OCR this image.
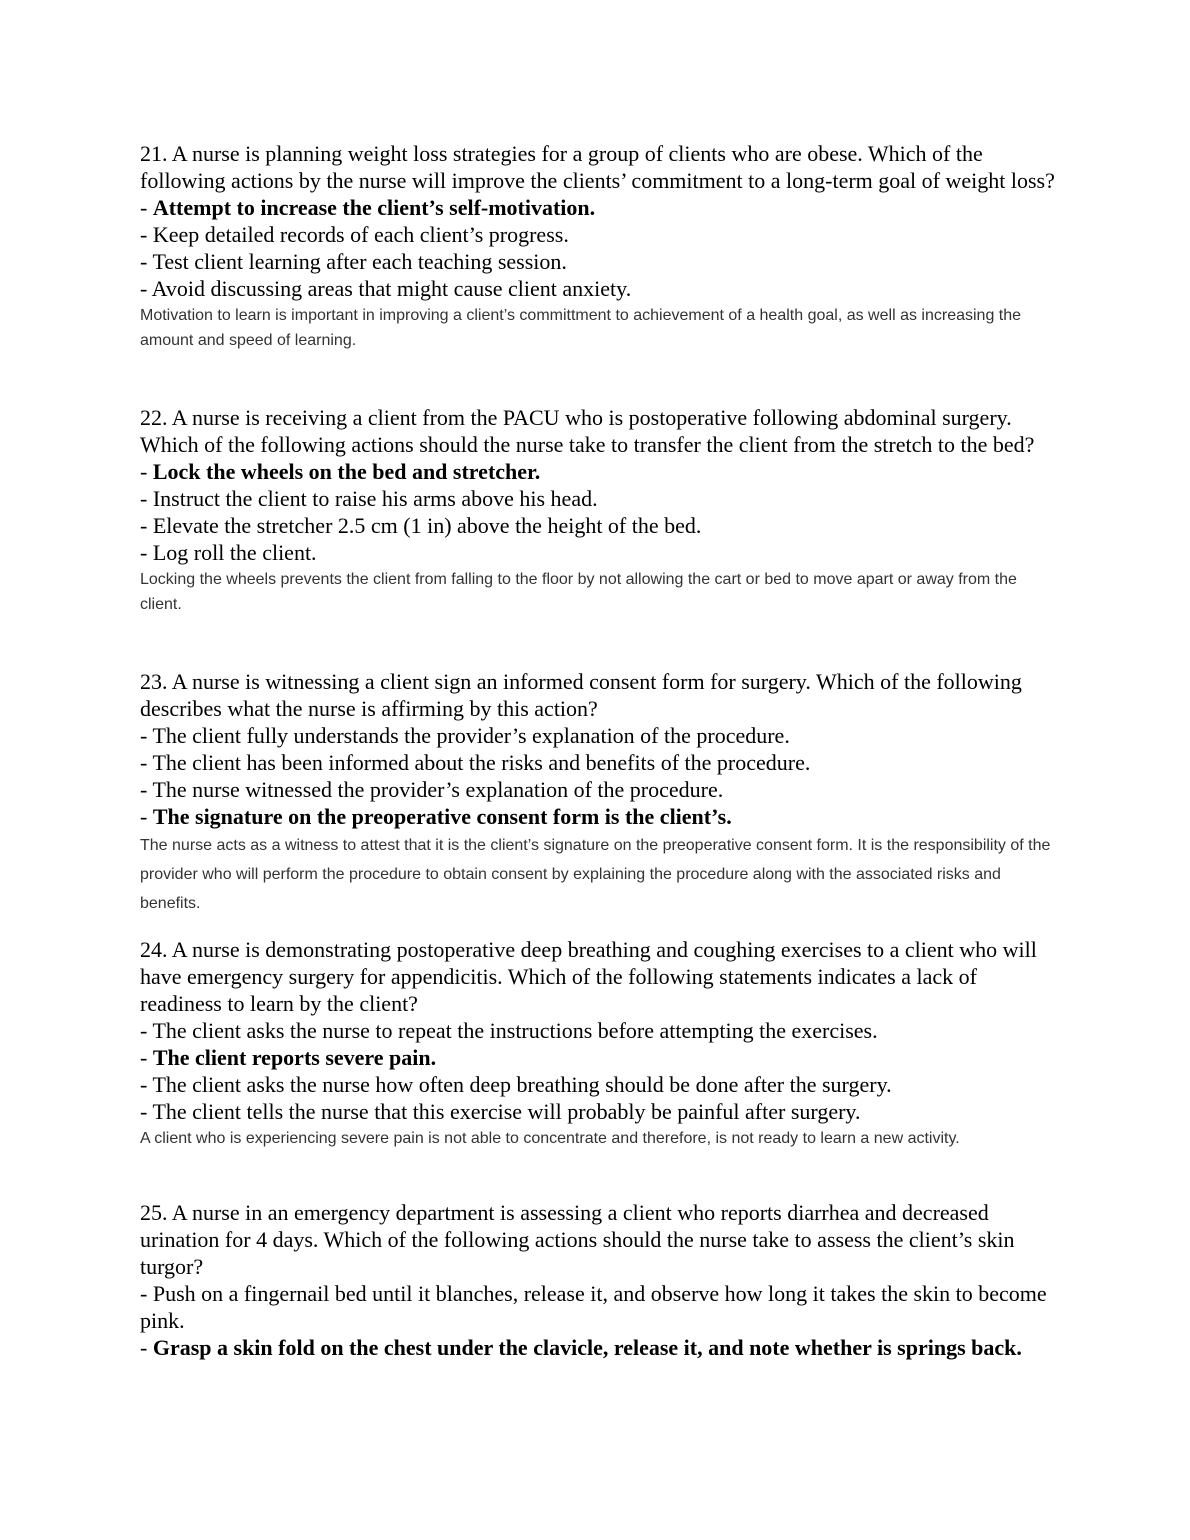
21. A nurse is planning weight loss strategies for a group of clients who are obese. Which of the following actions by the nurse will improve the clients’ commitment to a long-term goal of weight loss?
- Attempt to increase the client’s self-motivation.
- Keep detailed records of each client’s progress.
- Test client learning after each teaching session.
- Avoid discussing areas that might cause client anxiety.
Motivation to learn is important in improving a client’s committment to achievement of a health goal, as well as increasing the amount and speed of learning.
22. A nurse is receiving a client from the PACU who is postoperative following abdominal surgery. Which of the following actions should the nurse take to transfer the client from the stretch to the bed?
- Lock the wheels on the bed and stretcher.
- Instruct the client to raise his arms above his head.
- Elevate the stretcher 2.5 cm (1 in) above the height of the bed.
- Log roll the client.
Locking the wheels prevents the client from falling to the floor by not allowing the cart or bed to move apart or away from the client.
23. A nurse is witnessing a client sign an informed consent form for surgery. Which of the following describes what the nurse is affirming by this action?
- The client fully understands the provider’s explanation of the procedure.
- The client has been informed about the risks and benefits of the procedure.
- The nurse witnessed the provider’s explanation of the procedure.
- The signature on the preoperative consent form is the client’s.
The nurse acts as a witness to attest that it is the client’s signature on the preoperative consent form. It is the responsibility of the provider who will perform the procedure to obtain consent by explaining the procedure along with the associated risks and benefits.
24. A nurse is demonstrating postoperative deep breathing and coughing exercises to a client who will have emergency surgery for appendicitis. Which of the following statements indicates a lack of readiness to learn by the client?
- The client asks the nurse to repeat the instructions before attempting the exercises.
- The client reports severe pain.
- The client asks the nurse how often deep breathing should be done after the surgery.
- The client tells the nurse that this exercise will probably be painful after surgery.
A client who is experiencing severe pain is not able to concentrate and therefore, is not ready to learn a new activity.
25. A nurse in an emergency department is assessing a client who reports diarrhea and decreased urination for 4 days. Which of the following actions should the nurse take to assess the client’s skin turgor?
- Push on a fingernail bed until it blanches, release it, and observe how long it takes the skin to become pink.
- Grasp a skin fold on the chest under the clavicle, release it, and note whether is springs back.
